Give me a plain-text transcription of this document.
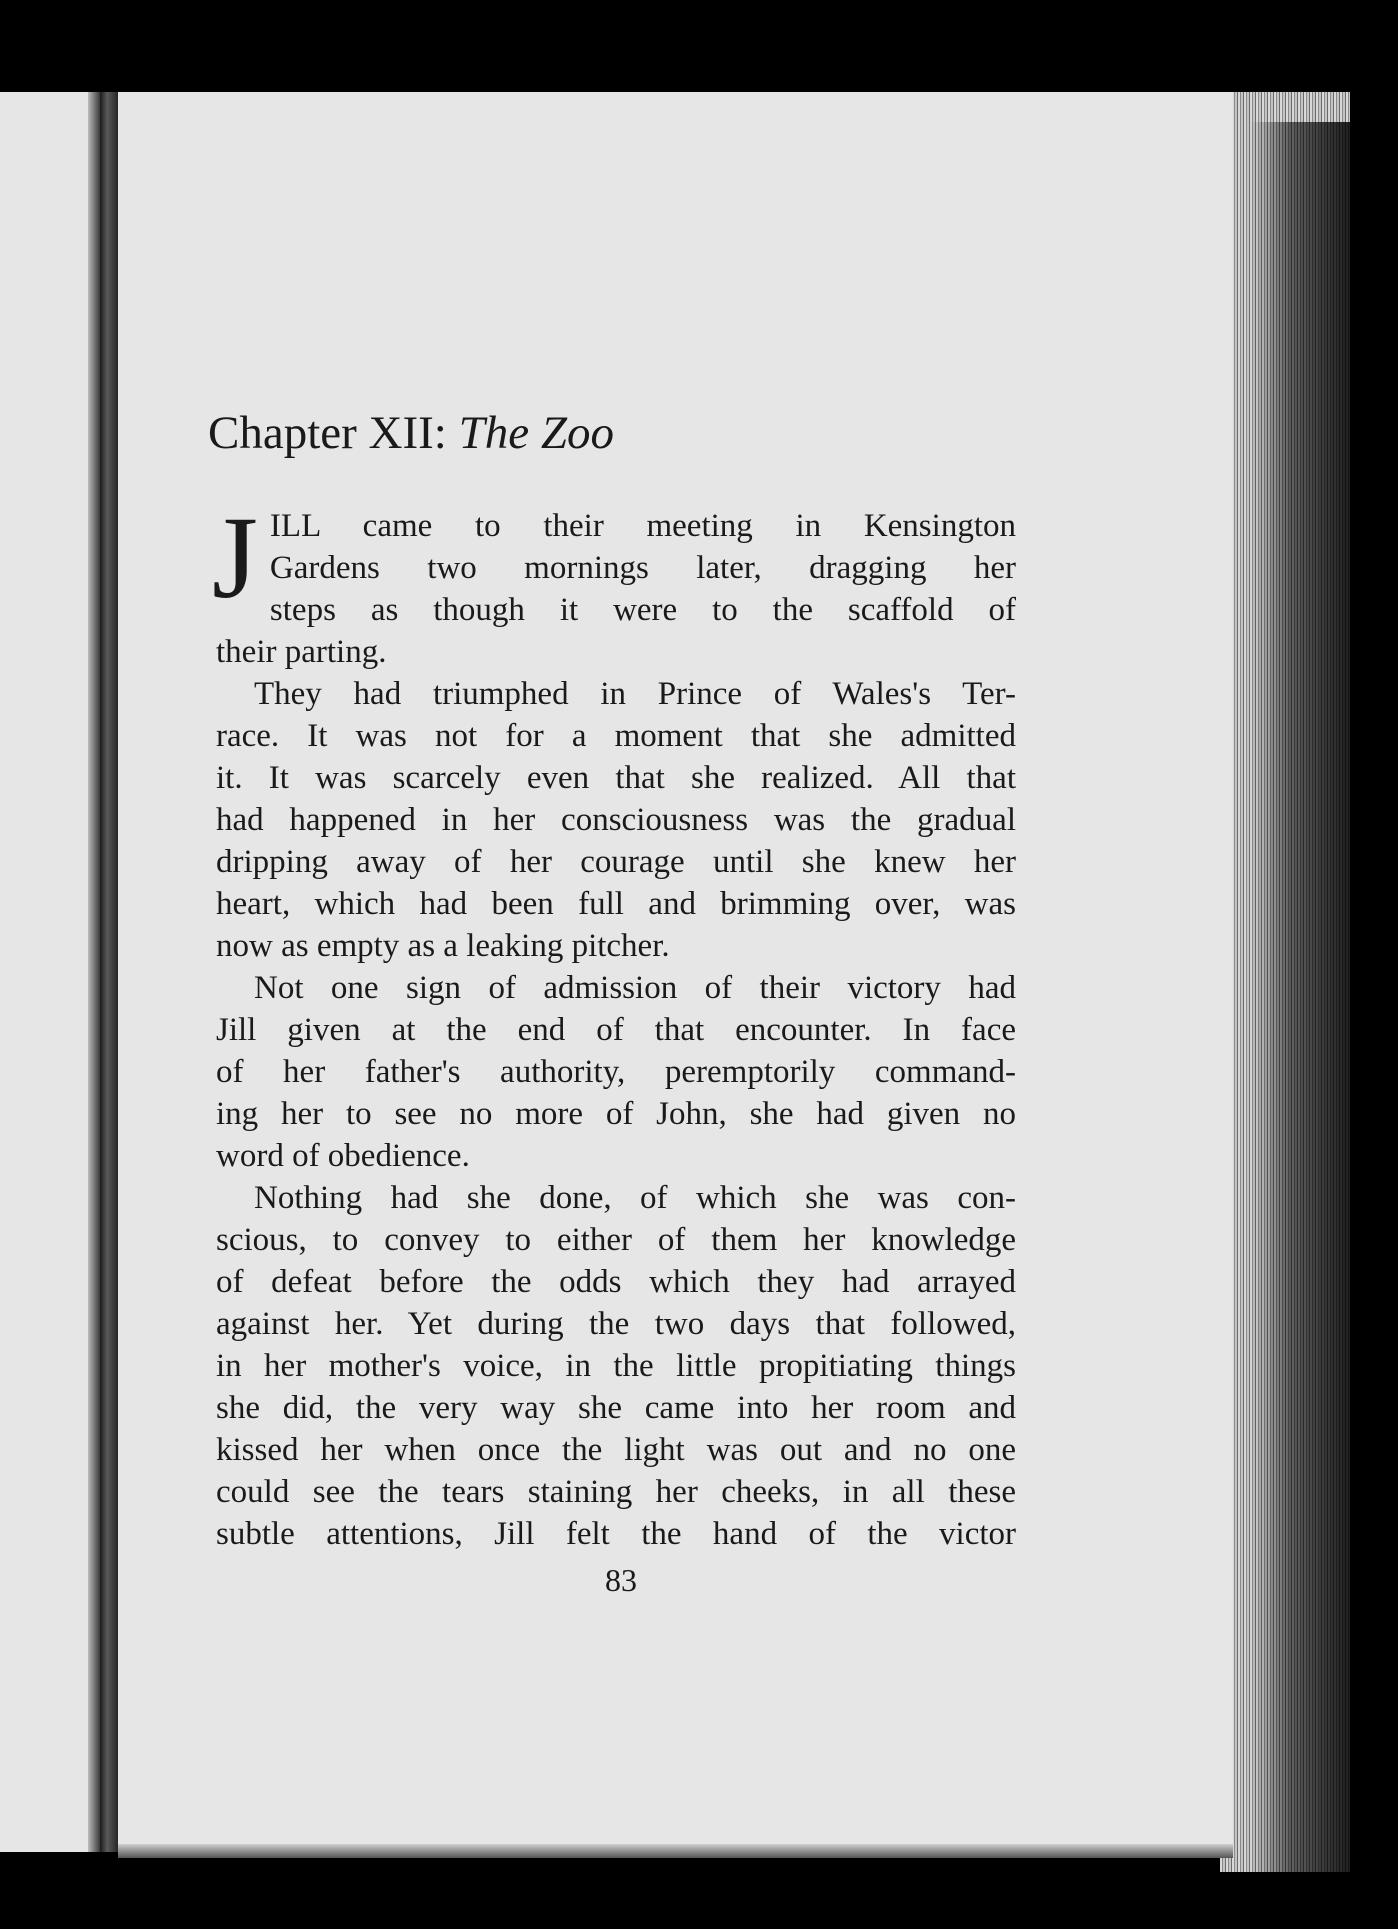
Chapter XII: The Zoo
J ILL came to their meeting in Kensington
Gardens two mornings later, dragging her
steps as though it were to the scaffold of
their parting.
They had triumphed in Prince of Wales's Ter-
race. It was not for a moment that she admitted
it. It was scarcely even that she realized. All that
had happened in her consciousness was the gradual
dripping away of her courage until she knew her
heart, which had been full and brimming over, was
now as empty as a leaking pitcher.
Not one sign of admission of their victory had
Jill given at the end of that encounter. In face
of her father's authority, peremptorily command-
ing her to see no more of John, she had given no
word of obedience.
Nothing had she done, of which she was con-
scious, to convey to either of them her knowledge
of defeat before the odds which they had arrayed
against her. Yet during the two days that followed,
in her mother's voice, in the little propitiating things
she did, the very way she came into her room and
kissed her when once the light was out and no one
could see the tears staining her cheeks, in all these
subtle attentions, Jill felt the hand of the victor
83
